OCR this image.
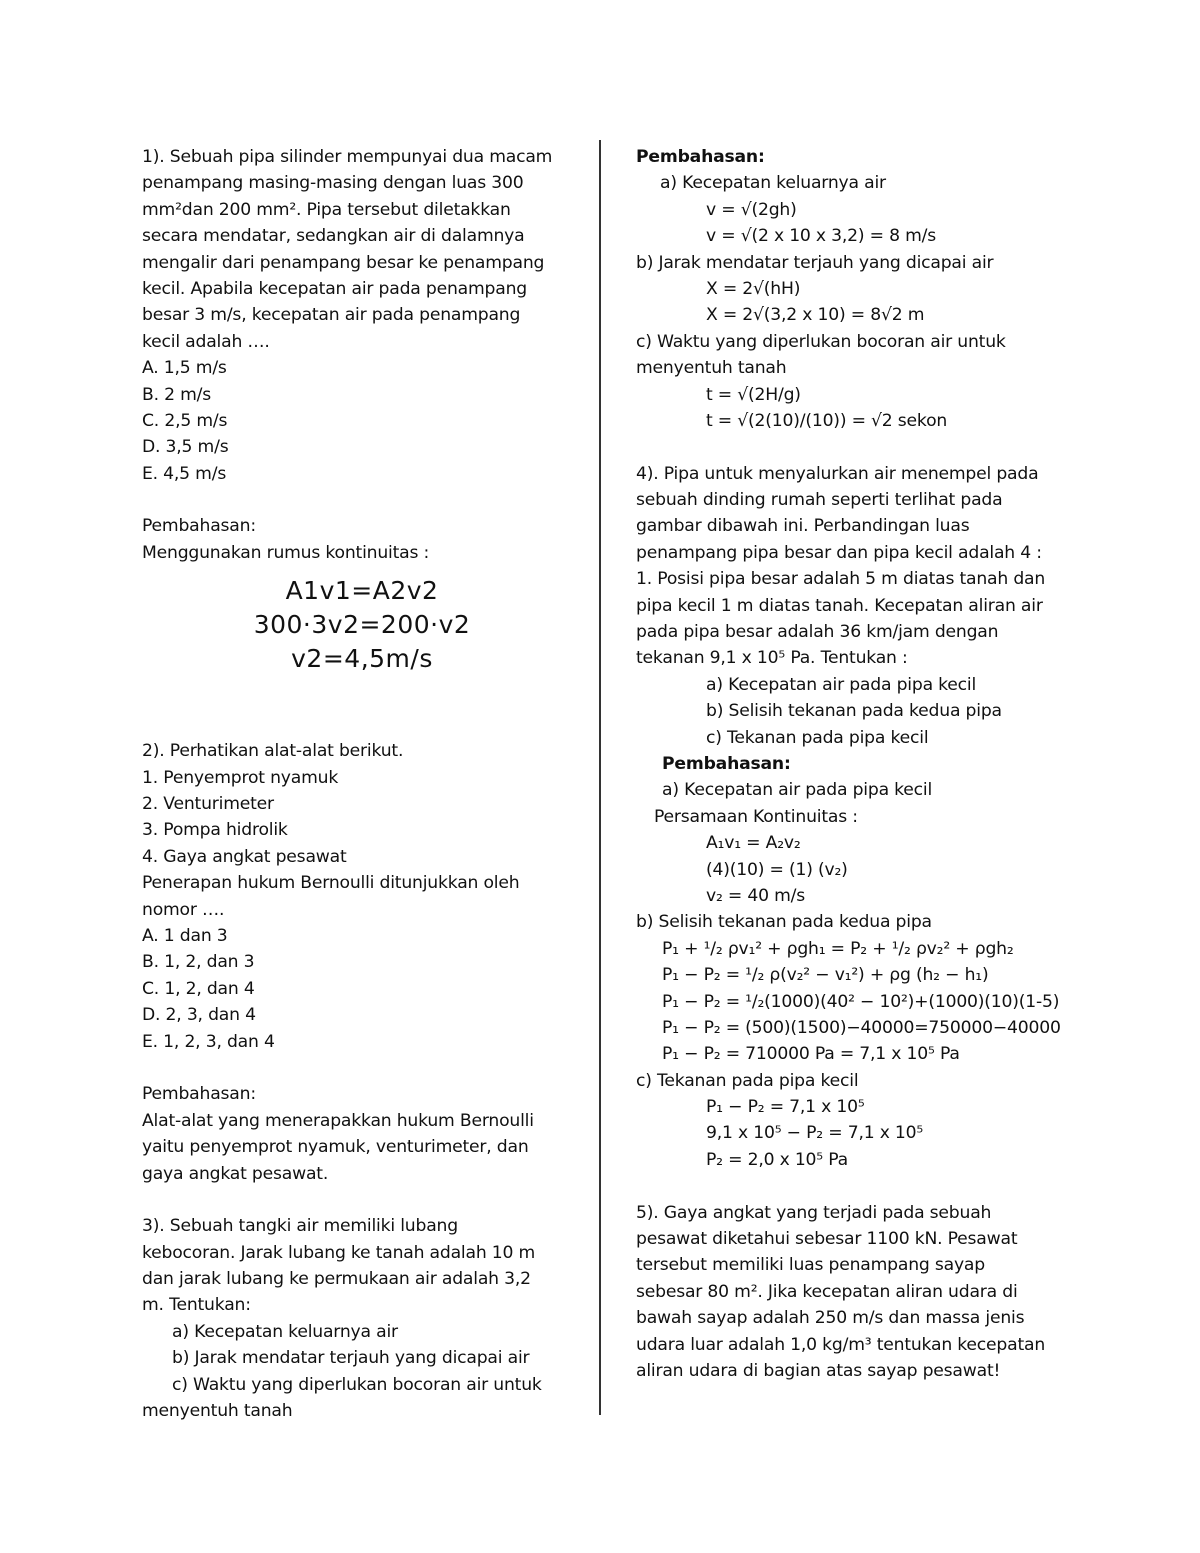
1). Sebuah pipa silinder mempunyai dua macam
penampang masing-masing dengan luas 300
mm²dan 200 mm². Pipa tersebut diletakkan
secara mendatar, sedangkan air di dalamnya
mengalir dari penampang besar ke penampang
kecil. Apabila kecepatan air pada penampang
besar 3 m/s, kecepatan air pada penampang
kecil adalah ….
A. 1,5 m/s
B. 2 m/s
C. 2,5 m/s
D. 3,5 m/s
E. 4,5 m/s
Pembahasan:
Menggunakan rumus kontinuitas :
A1v1=A2v2
300·3v2=200·v2
v2=4,5m/s
2). Perhatikan alat-alat berikut.
1. Penyemprot nyamuk
2. Venturimeter
3. Pompa hidrolik
4. Gaya angkat pesawat
Penerapan hukum Bernoulli ditunjukkan oleh
nomor ….
A. 1 dan 3
B. 1, 2, dan 3
C. 1, 2, dan 4
D. 2, 3, dan 4
E. 1, 2, 3, dan 4
Pembahasan:
Alat-alat yang menerapakkan hukum Bernoulli
yaitu penyemprot nyamuk, venturimeter, dan
gaya angkat pesawat.
3). Sebuah tangki air memiliki lubang
kebocoran. Jarak lubang ke tanah adalah 10 m
dan jarak lubang ke permukaan air adalah 3,2
m. Tentukan:
a) Kecepatan keluarnya air
b) Jarak mendatar terjauh yang dicapai air
c) Waktu yang diperlukan bocoran air untuk
menyentuh tanah
Pembahasan:
a) Kecepatan keluarnya air
v = √(2gh)
v = √(2 x 10 x 3,2) = 8 m/s
b) Jarak mendatar terjauh yang dicapai air
X = 2√(hH)
X = 2√(3,2 x 10) = 8√2 m
c) Waktu yang diperlukan bocoran air untuk
menyentuh tanah
t = √(2H/g)
t = √(2(10)/(10)) = √2 sekon
4). Pipa untuk menyalurkan air menempel pada
sebuah dinding rumah seperti terlihat pada
gambar dibawah ini. Perbandingan luas
penampang pipa besar dan pipa kecil adalah 4 :
1. Posisi pipa besar adalah 5 m diatas tanah dan
pipa kecil 1 m diatas tanah. Kecepatan aliran air
pada pipa besar adalah 36 km/jam dengan
tekanan 9,1 x 10⁵ Pa. Tentukan :
a) Kecepatan air pada pipa kecil
b) Selisih tekanan pada kedua pipa
c) Tekanan pada pipa kecil
Pembahasan:
a) Kecepatan air pada pipa kecil
Persamaan Kontinuitas :
A₁v₁ = A₂v₂
(4)(10) = (1) (v₂)
v₂ = 40 m/s
b) Selisih tekanan pada kedua pipa
P₁ + ¹/₂ ρv₁² + ρgh₁ = P₂ + ¹/₂ ρv₂² + ρgh₂
P₁ − P₂ = ¹/₂ ρ(v₂² − v₁²) + ρg (h₂ − h₁)
P₁ − P₂ = ¹/₂(1000)(40² − 10²)+(1000)(10)(1-5)
P₁ − P₂ = (500)(1500)−40000=750000−40000
P₁ − P₂ = 710000 Pa = 7,1 x 10⁵ Pa
c) Tekanan pada pipa kecil
P₁ − P₂ = 7,1 x 10⁵
9,1 x 10⁵ − P₂ = 7,1 x 10⁵
P₂ = 2,0 x 10⁵ Pa
5). Gaya angkat yang terjadi pada sebuah
pesawat diketahui sebesar 1100 kN. Pesawat
tersebut memiliki luas penampang sayap
sebesar 80 m². Jika kecepatan aliran udara di
bawah sayap adalah 250 m/s dan massa jenis
udara luar adalah 1,0 kg/m³ tentukan kecepatan
aliran udara di bagian atas sayap pesawat!
